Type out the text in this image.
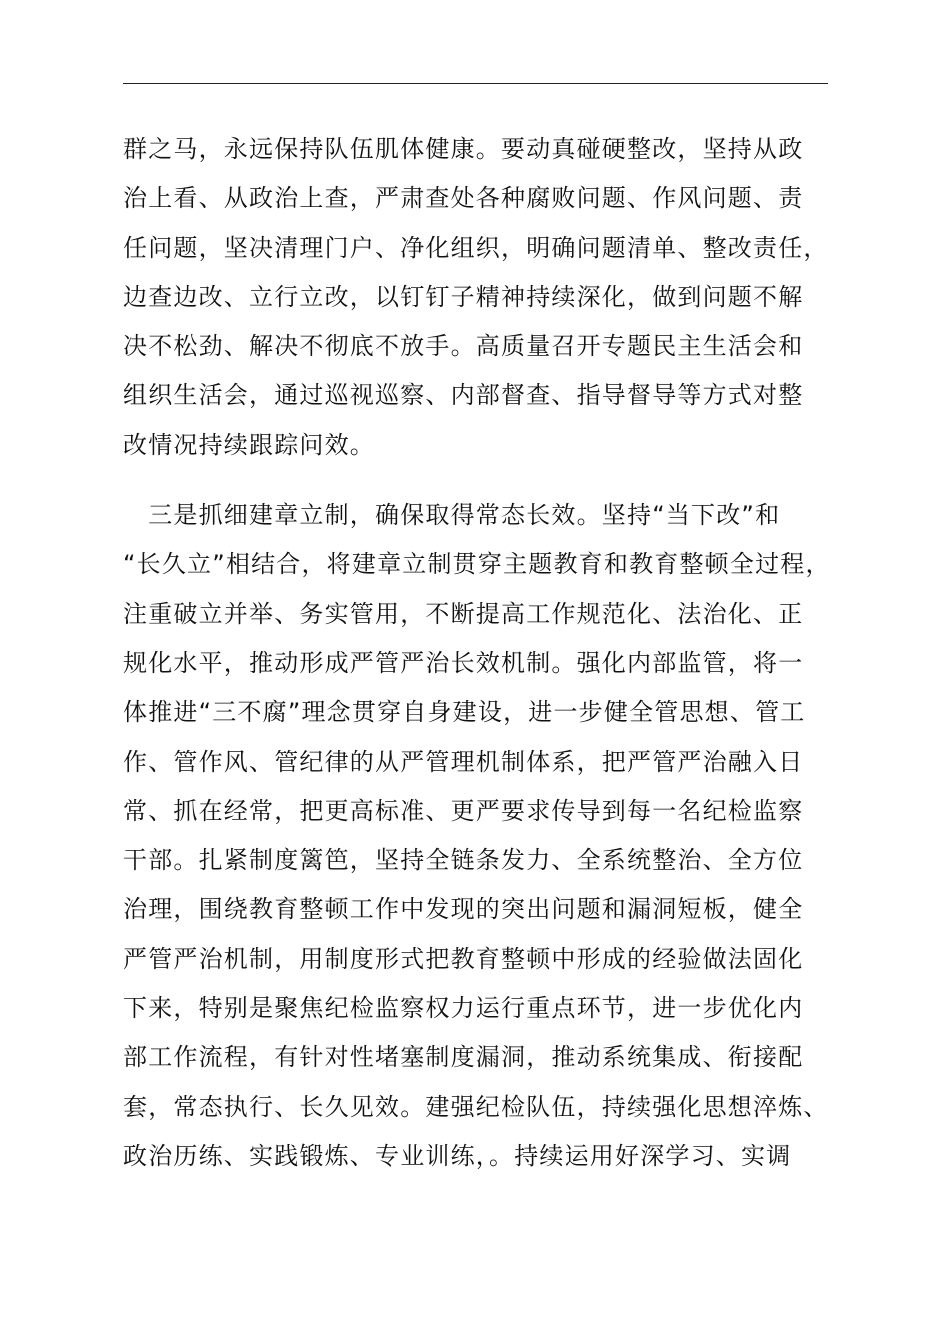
群之马，永远保持队伍肌体健康。要动真碰硬整改，坚持从政
治上看、从政治上查，严肃查处各种腐败问题、作风问题、责
任问题，坚决清理门户、净化组织，明确问题清单、整改责任，
边查边改、立行立改，以钉钉子精神持续深化，做到问题不解
决不松劲、解决不彻底不放手。高质量召开专题民主生活会和
组织生活会，通过巡视巡察、内部督查、指导督导等方式对整
改情况持续跟踪问效。
　三是抓细建章立制，确保取得常态长效。坚持“当下改”和
“长久立”相结合，将建章立制贯穿主题教育和教育整顿全过程，
注重破立并举、务实管用，不断提高工作规范化、法治化、正
规化水平，推动形成严管严治长效机制。强化内部监管，将一
体推进“三不腐”理念贯穿自身建设，进一步健全管思想、管工
作、管作风、管纪律的从严管理机制体系，把严管严治融入日
常、抓在经常，把更高标准、更严要求传导到每一名纪检监察
干部。扎紧制度篱笆，坚持全链条发力、全系统整治、全方位
治理，围绕教育整顿工作中发现的突出问题和漏洞短板，健全
严管严治机制，用制度形式把教育整顿中形成的经验做法固化
下来，特别是聚焦纪检监察权力运行重点环节，进一步优化内
部工作流程，有针对性堵塞制度漏洞，推动系统集成、衔接配
套，常态执行、长久见效。建强纪检队伍，持续强化思想淬炼、
政治历练、实践锻炼、专业训练，。持续运用好深学习、实调
